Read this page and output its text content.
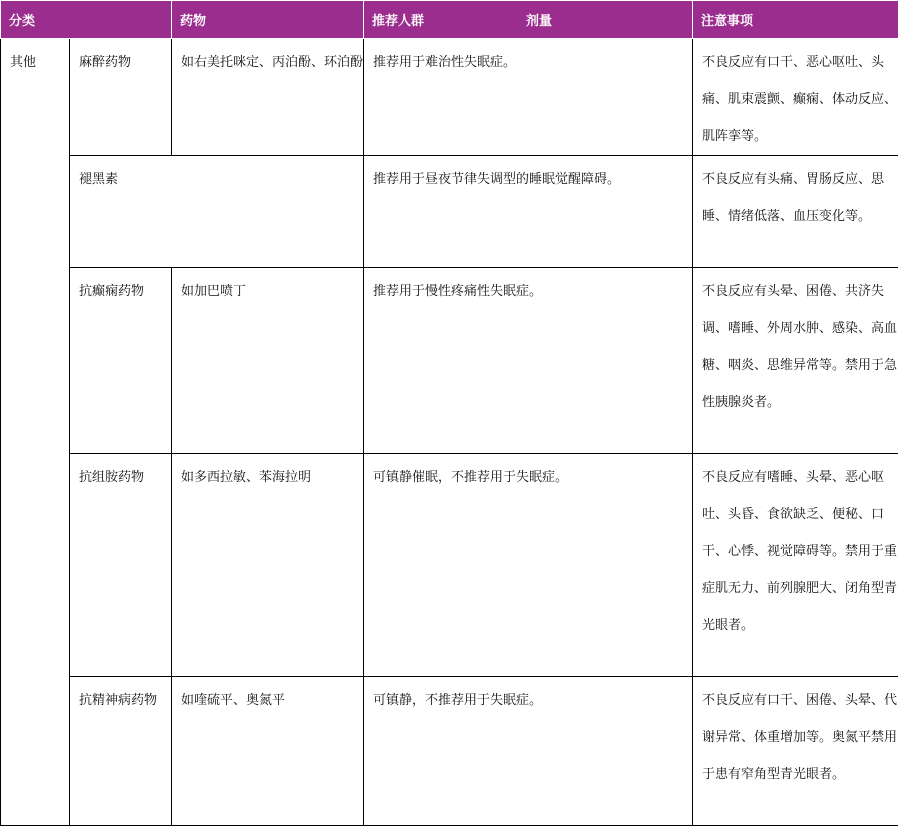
分类		药物	推荐人群 剂量	注意事项
其他	麻醉药物	如右美托咪定、丙泊酚、环泊酚	推荐用于难治性失眠症。	不良反应有口干、恶心呕吐、头痛、肌束震颤、癫痫、体动反应、肌阵挛等。
	褪黑素		推荐用于昼夜节律失调型的睡眠觉醒障碍。	不良反应有头痛、胃肠反应、思睡、情绪低落、血压变化等。
	抗癫痫药物	如加巴喷丁	推荐用于慢性疼痛性失眠症。	不良反应有头晕、困倦、共济失调、嗜睡、外周水肿、感染、高血糖、咽炎、思维异常等。禁用于急性胰腺炎者。
	抗组胺药物	如多西拉敏、苯海拉明	可镇静催眠，不推荐用于失眠症。	不良反应有嗜睡、头晕、恶心呕吐、头昏、食欲缺乏、便秘、口干、心悸、视觉障碍等。禁用于重症肌无力、前列腺肥大、闭角型青光眼者。
	抗精神病药物	如喹硫平、奥氮平	可镇静，不推荐用于失眠症。	不良反应有口干、困倦、头晕、代谢异常、体重增加等。奥氮平禁用于患有窄角型青光眼者。
